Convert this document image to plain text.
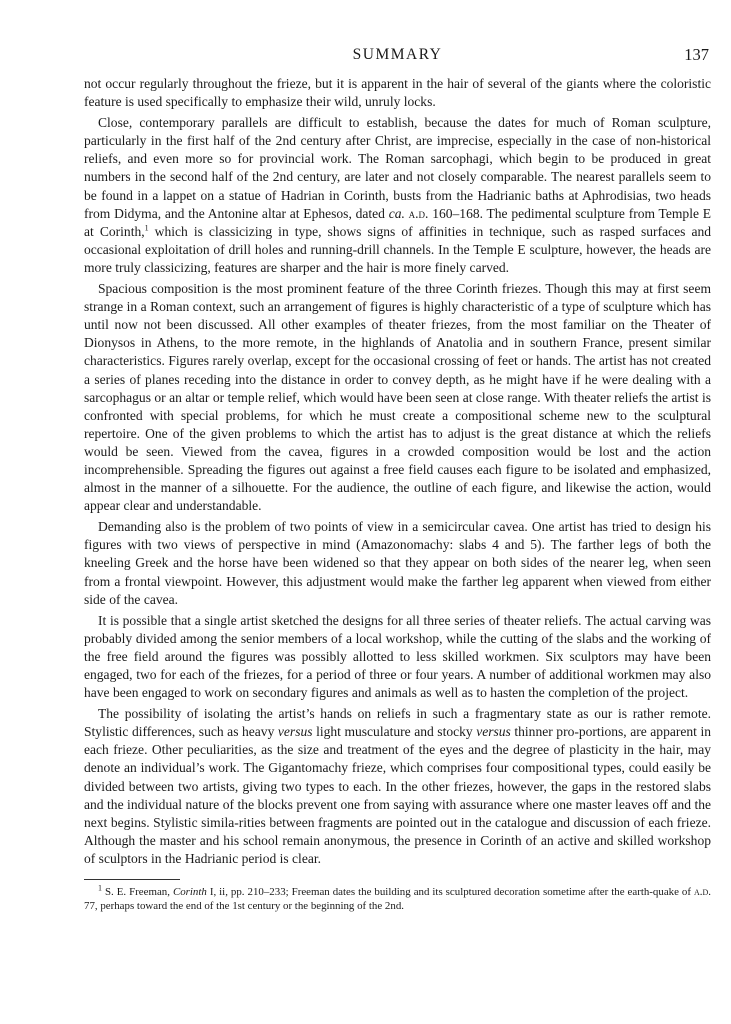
SUMMARY	137

not occur regularly throughout the frieze, but it is apparent in the hair of several of the giants where the coloristic feature is used specifically to emphasize their wild, unruly locks.

Close, contemporary parallels are difficult to establish, because the dates for much of Roman sculpture, particularly in the first half of the 2nd century after Christ, are imprecise, especially in the case of non-historical reliefs, and even more so for provincial work. The Roman sarcophagi, which begin to be produced in great numbers in the second half of the 2nd century, are later and not closely comparable. The nearest parallels seem to be found in a lappet on a statue of Hadrian in Corinth, busts from the Hadrianic baths at Aphrodisias, two heads from Didyma, and the Antonine altar at Ephesos, dated ca. a.d. 160–168. The pedimental sculpture from Temple E at Corinth,$^1$ which is classicizing in type, shows signs of affinities in technique, such as rasped surfaces and occasional exploitation of drill holes and running-drill channels. In the Temple E sculpture, however, the heads are more truly classicizing, features are sharper and the hair is more finely carved.

Spacious composition is the most prominent feature of the three Corinth friezes. Though this may at first seem strange in a Roman context, such an arrangement of figures is highly characteristic of a type of sculpture which has until now not been discussed. All other examples of theater friezes, from the most familiar on the Theater of Dionysos in Athens, to the more remote, in the highlands of Anatolia and in southern France, present similar characteristics. Figures rarely overlap, except for the occasional crossing of feet or hands. The artist has not created a series of planes receding into the distance in order to convey depth, as he might have if he were dealing with a sarcophagus or an altar or temple relief, which would have been seen at close range. With theater reliefs the artist is confronted with special problems, for which he must create a compositional scheme new to the sculptural repertoire. One of the given problems to which the artist has to adjust is the great distance at which the reliefs would be seen. Viewed from the cavea, figures in a crowded composition would be lost and the action incomprehensible. Spreading the figures out against a free field causes each figure to be isolated and emphasized, almost in the manner of a silhouette. For the audience, the outline of each figure, and likewise the action, would appear clear and understandable.

Demanding also is the problem of two points of view in a semicircular cavea. One artist has tried to design his figures with two views of perspective in mind (Amazonomachy: slabs 4 and 5). The farther legs of both the kneeling Greek and the horse have been widened so that they appear on both sides of the nearer leg, when seen from a frontal viewpoint. However, this adjustment would make the farther leg apparent when viewed from either side of the cavea.

It is possible that a single artist sketched the designs for all three series of theater reliefs. The actual carving was probably divided among the senior members of a local workshop, while the cutting of the slabs and the working of the free field around the figures was possibly allotted to less skilled workmen. Six sculptors may have been engaged, two for each of the friezes, for a period of three or four years. A number of additional workmen may also have been engaged to work on secondary figures and animals as well as to hasten the completion of the project.

The possibility of isolating the artist’s hands on reliefs in such a fragmentary state as our is rather remote. Stylistic differences, such as heavy versus light musculature and stocky versus thinner pro-portions, are apparent in each frieze. Other peculiarities, as the size and treatment of the eyes and the degree of plasticity in the hair, may denote an individual’s work. The Gigantomachy frieze, which comprises four compositional types, could easily be divided between two artists, giving two types to each. In the other friezes, however, the gaps in the restored slabs and the individual nature of the blocks prevent one from saying with assurance where one master leaves off and the next begins. Stylistic simila-rities between fragments are pointed out in the catalogue and discussion of each frieze. Although the master and his school remain anonymous, the presence in Corinth of an active and skilled workshop of sculptors in the Hadrianic period is clear.

$^1$ S. E. Freeman, Corinth I, ii, pp. 210–233; Freeman dates the building and its sculptured decoration sometime after the earth-quake of a.d. 77, perhaps toward the end of the 1st century or the beginning of the 2nd.
